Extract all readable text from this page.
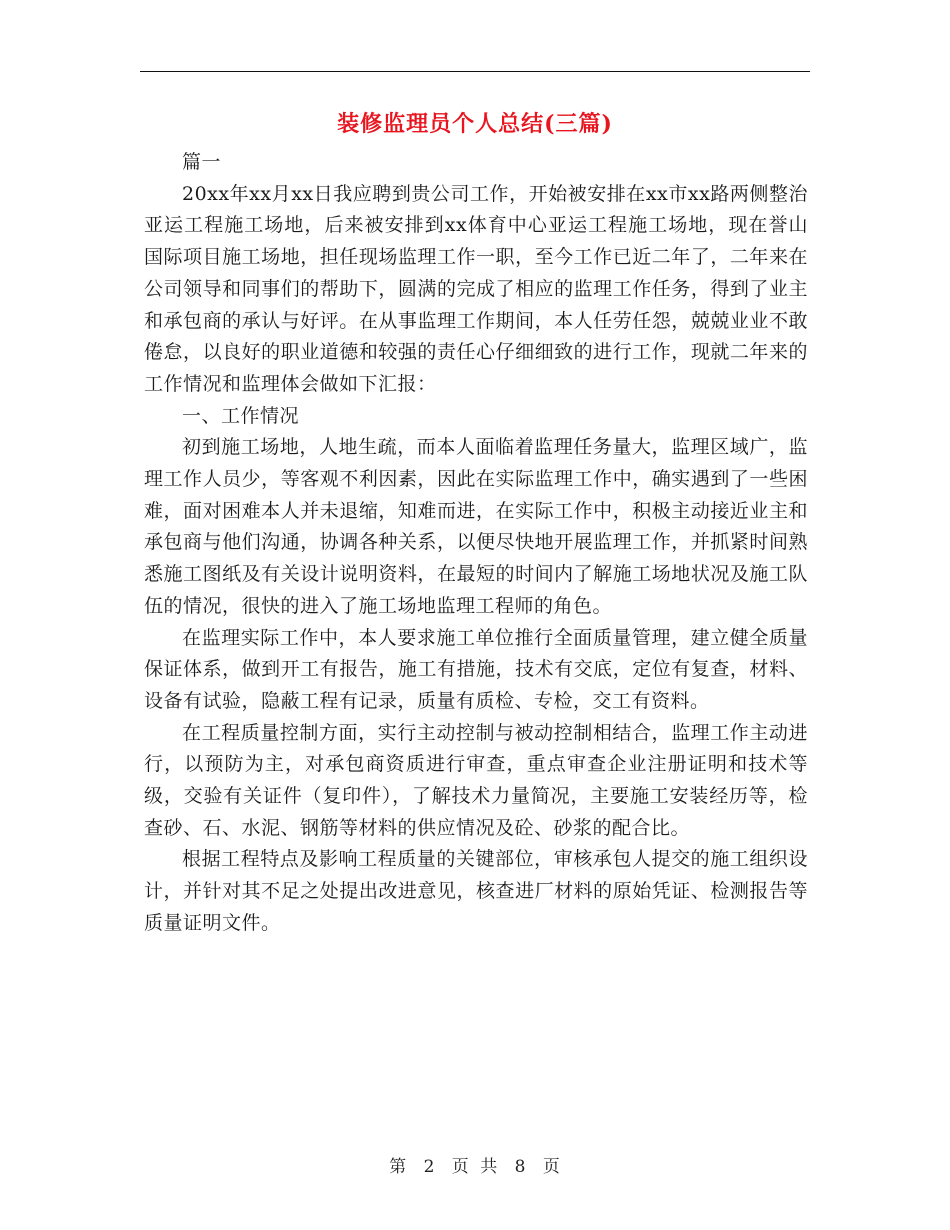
装修监理员个人总结(三篇)

篇一

20xx年xx月xx日我应聘到贵公司工作，开始被安排在xx市xx路两侧整治亚运工程施工场地，后来被安排到xx体育中心亚运工程施工场地，现在誉山国际项目施工场地，担任现场监理工作一职，至今工作已近二年了，二年来在公司领导和同事们的帮助下，圆满的完成了相应的监理工作任务，得到了业主和承包商的承认与好评。在从事监理工作期间，本人任劳任怨，兢兢业业不敢倦怠，以良好的职业道德和较强的责任心仔细细致的进行工作，现就二年来的工作情况和监理体会做如下汇报：

一、工作情况

初到施工场地，人地生疏，而本人面临着监理任务量大，监理区域广，监理工作人员少，等客观不利因素，因此在实际监理工作中，确实遇到了一些困难，面对困难本人并未退缩，知难而进，在实际工作中，积极主动接近业主和承包商与他们沟通，协调各种关系，以便尽快地开展监理工作，并抓紧时间熟悉施工图纸及有关设计说明资料，在最短的时间内了解施工场地状况及施工队伍的情况，很快的进入了施工场地监理工程师的角色。

在监理实际工作中，本人要求施工单位推行全面质量管理，建立健全质量保证体系，做到开工有报告，施工有措施，技术有交底，定位有复查，材料、设备有试验，隐蔽工程有记录，质量有质检、专检，交工有资料。

在工程质量控制方面，实行主动控制与被动控制相结合，监理工作主动进行，以预防为主，对承包商资质进行审查，重点审查企业注册证明和技术等级，交验有关证件（复印件），了解技术力量简况，主要施工安装经历等，检查砂、石、水泥、钢筋等材料的供应情况及砼、砂浆的配合比。

根据工程特点及影响工程质量的关键部位，审核承包人提交的施工组织设计，并针对其不足之处提出改进意见，核查进厂材料的原始凭证、检测报告等质量证明文件。

第 2 页 共 8 页
